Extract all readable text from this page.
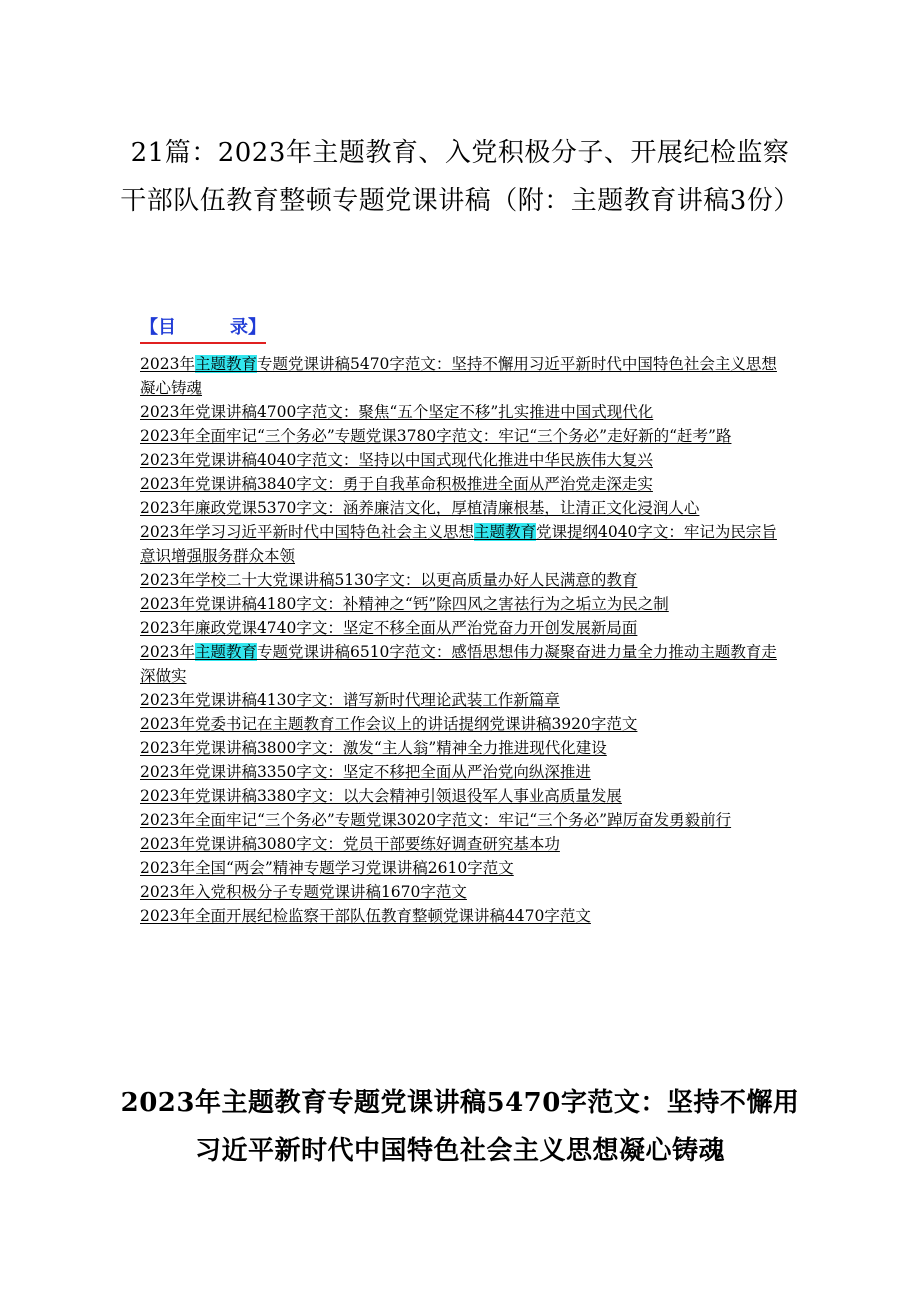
21篇：2023年主题教育、入党积极分子、开展纪检监察干部队伍教育整顿专题党课讲稿（附：主题教育讲稿3份）
【目　　　录】
2023年主题教育专题党课讲稿5470字范文：坚持不懈用习近平新时代中国特色社会主义思想凝心铸魂
2023年党课讲稿4700字范文：聚焦“五个坚定不移”扎实推进中国式现代化
2023年全面牢记“三个务必”专题党课3780字范文：牢记“三个务必”走好新的“赶考”路
2023年党课讲稿4040字范文：坚持以中国式现代化推进中华民族伟大复兴
2023年党课讲稿3840字文：勇于自我革命积极推进全面从严治党走深走实
2023年廉政党课5370字文：涵养廉洁文化，厚植清廉根基，让清正文化浸润人心
2023年学习习近平新时代中国特色社会主义思想主题教育党课提纲4040字文：牢记为民宗旨意识增强服务群众本领
2023年学校二十大党课讲稿5130字文：以更高质量办好人民满意的教育
2023年党课讲稿4180字文：补精神之“钙”除四风之害祛行为之垢立为民之制
2023年廉政党课4740字文：坚定不移全面从严治党奋力开创发展新局面
2023年主题教育专题党课讲稿6510字范文：感悟思想伟力凝聚奋进力量全力推动主题教育走深做实
2023年党课讲稿4130字文：谱写新时代理论武装工作新篇章
2023年党委书记在主题教育工作会议上的讲话提纲党课讲稿3920字范文
2023年党课讲稿3800字文：激发“主人翁”精神全力推进现代化建设
2023年党课讲稿3350字文：坚定不移把全面从严治党向纵深推进
2023年党课讲稿3380字文：以大会精神引领退役军人事业高质量发展
2023年全面牢记“三个务必”专题党课3020字范文：牢记“三个务必”踔厉奋发勇毅前行
2023年党课讲稿3080字文：党员干部要练好调查研究基本功
2023年全国“两会”精神专题学习党课讲稿2610字范文
2023年入党积极分子专题党课讲稿1670字范文
2023年全面开展纪检监察干部队伍教育整顿党课讲稿4470字范文
2023年主题教育专题党课讲稿5470字范文：坚持不懈用习近平新时代中国特色社会主义思想凝心铸魂
